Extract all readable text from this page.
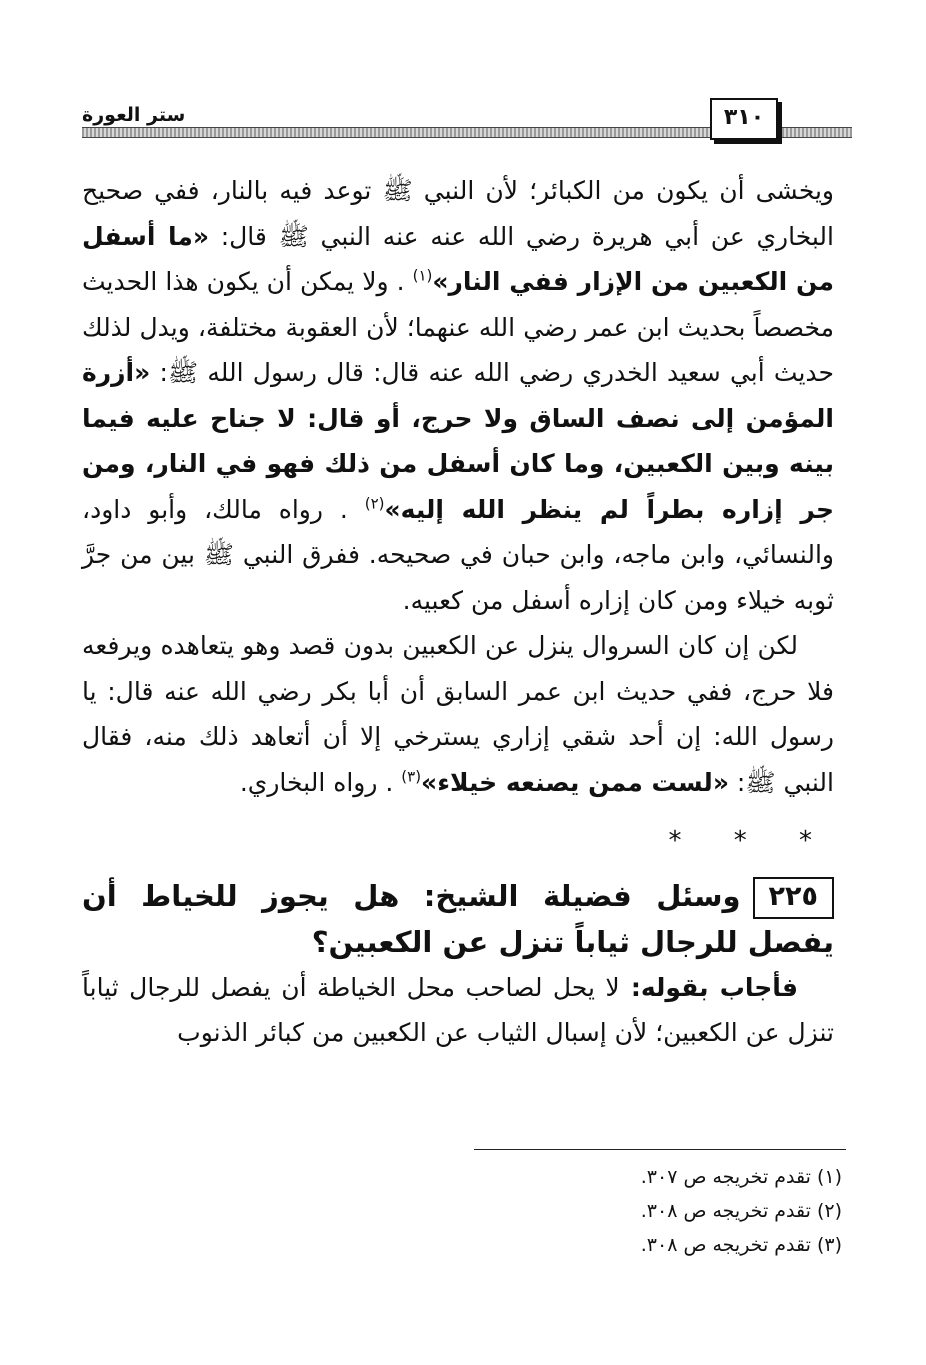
ستر العورة	٣١٠

ويخشى أن يكون من الكبائر؛ لأن النبي ﷺ توعد فيه بالنار، ففي صحيح البخاري عن أبي هريرة رضي الله عنه عنه النبي ﷺ قال: «ما أسفل من الكعبين من الإزار ففي النار»$^{(١)}$ . ولا يمكن أن يكون هذا الحديث مخصصاً بحديث ابن عمر رضي الله عنهما؛ لأن العقوبة مختلفة، ويدل لذلك حديث أبي سعيد الخدري رضي الله عنه قال: قال رسول الله ﷺ: «أزرة المؤمن إلى نصف الساق ولا حرج، أو قال: لا جناح عليه فيما بينه وبين الكعبين، وما كان أسفل من ذلك فهو في النار، ومن جر إزاره بطراً لم ينظر الله إليه»$^{(٢)}$ . رواه مالك، وأبو داود، والنسائي، وابن ماجه، وابن حبان في صحيحه. ففرق النبي ﷺ بين من جرَّ ثوبه خيلاء ومن كان إزاره أسفل من كعبيه.

لكن إن كان السروال ينزل عن الكعبين بدون قصد وهو يتعاهده ويرفعه فلا حرج، ففي حديث ابن عمر السابق أن أبا بكر رضي الله عنه قال: يا رسول الله: إن أحد شقي إزاري يسترخي إلا أن أتعاهد ذلك منه، فقال النبي ﷺ: «لست ممن يصنعه خيلاء»$^{(٣)}$ . رواه البخاري.

* * *

٢٢٥وسئل فضيلة الشيخ: هل يجوز للخياط أن يفصل للرجال ثياباً تنزل عن الكعبين؟

فأجاب بقوله: لا يحل لصاحب محل الخياطة أن يفصل للرجال ثياباً تنزل عن الكعبين؛ لأن إسبال الثياب عن الكعبين من كبائر الذنوب

(١) تقدم تخريجه ص ٣٠٧.
(٢) تقدم تخريجه ص ٣٠٨.
(٣) تقدم تخريجه ص ٣٠٨.
